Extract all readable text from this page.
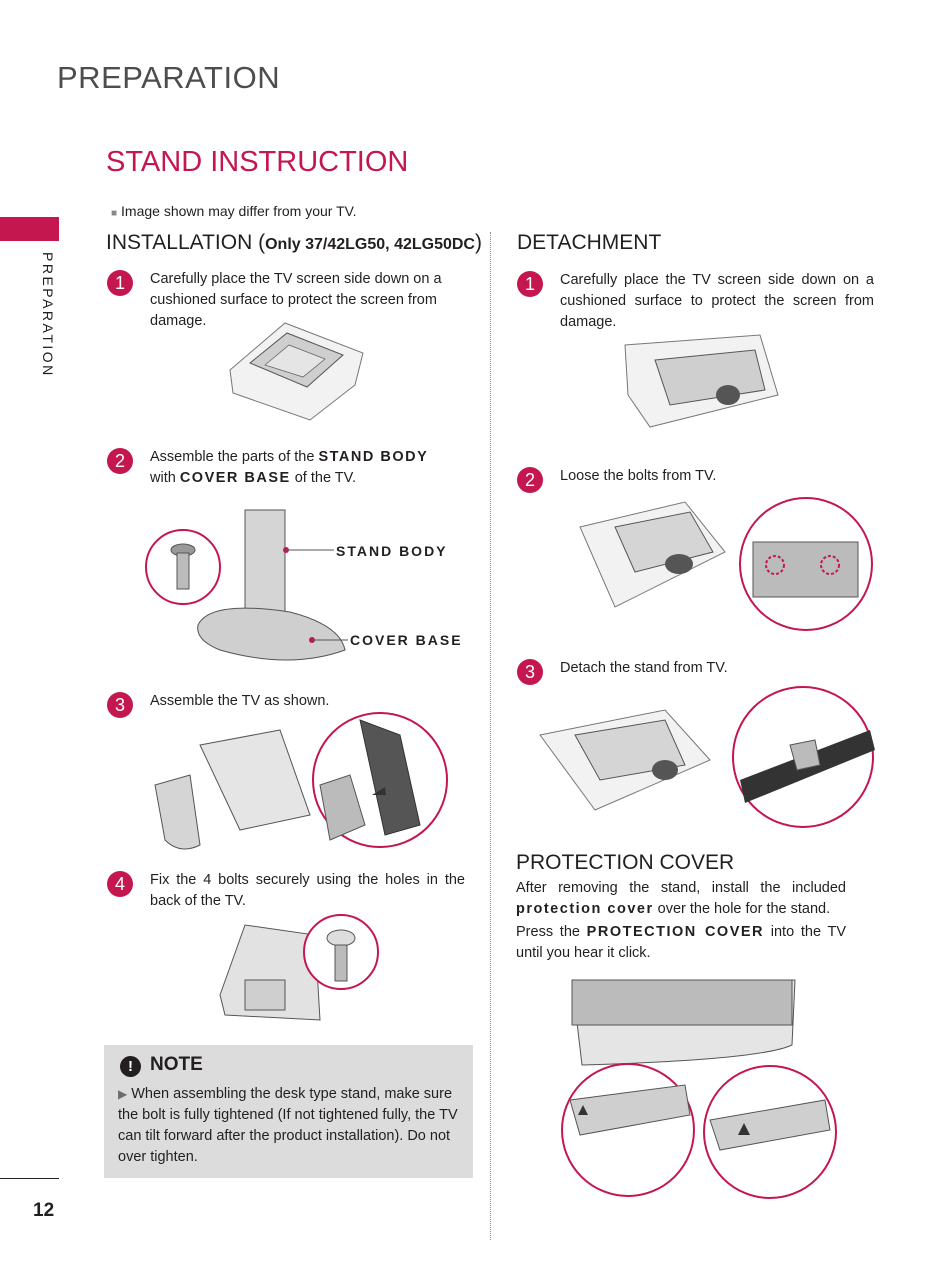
PREPARATION
PREPARATION
STAND INSTRUCTION
■ Image shown may differ from your TV.
INSTALLATION (Only 37/42LG50, 42LG50DC)
1	Carefully place the TV screen side down on a cushioned surface to protect the screen from damage.
2	Assemble the parts of the STAND BODY
with COVER BASE of the TV.
STAND BODY
COVER BASE
3	Assemble the TV as shown.
4	Fix the 4 bolts securely using the holes in the back of the TV.
! NOTE
▶ When assembling the desk type stand, make sure the bolt is fully tightened (If not tightened fully, the TV can tilt forward after the product installation). Do not over tighten.
DETACHMENT
1	Carefully place the TV screen side down on a cushioned surface to protect the screen from damage.
2	Loose the bolts from TV.
3	Detach the stand from TV.
PROTECTION COVER
After removing the stand, install the included protection cover over the hole for the stand.
Press the PROTECTION COVER into the TV until you hear it click.
12
